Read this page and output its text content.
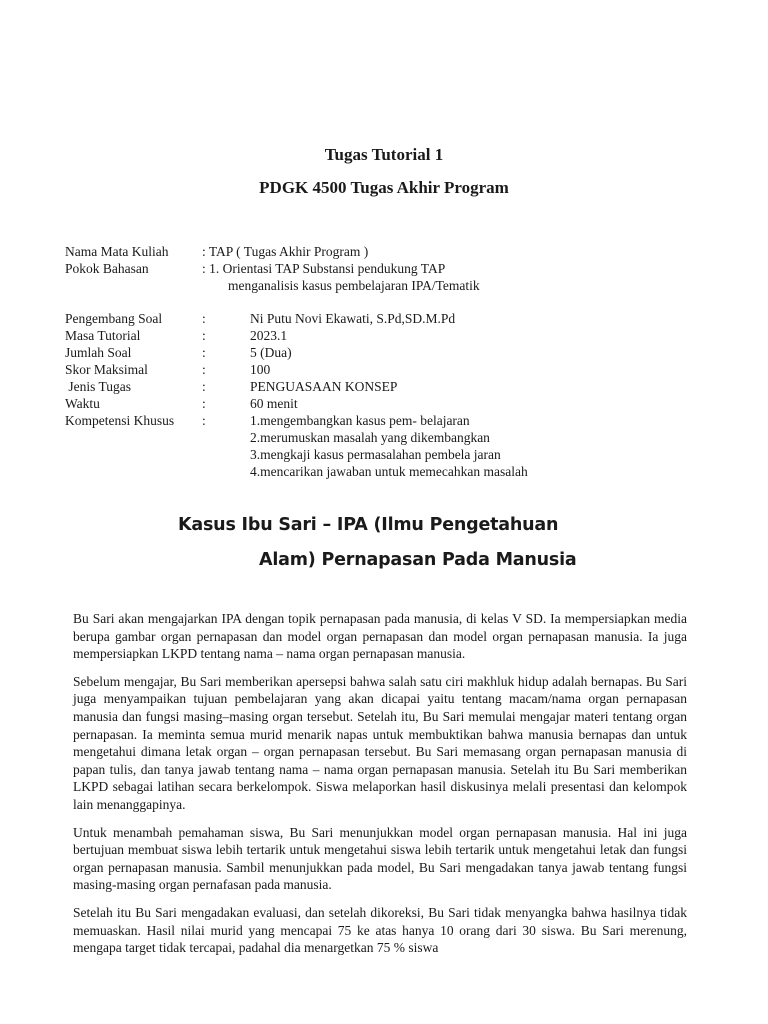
Tugas Tutorial 1
PDGK 4500 Tugas Akhir Program
Nama Mata Kuliah : TAP ( Tugas Akhir Program )
Pokok Bahasan	: 1. Orientasi TAP Substansi pendukung TAP
menganalisis kasus pembelajaran IPA/Tematik
Pengembang Soal	:	Ni Putu Novi Ekawati, S.Pd,SD.M.Pd
Masa Tutorial	:	2023.1
Jumlah Soal	:	5 (Dua)
Skor Maksimal	:	100
Jenis Tugas	:	PENGUASAAN KONSEP
Waktu	:	60 menit
Kompetensi Khusus :	1.mengembangkan kasus pem- belajaran
2.merumuskan masalah yang dikembangkan
3.mengkaji kasus permasalahan pembela jaran
4.mencarikan jawaban untuk memecahkan masalah
Kasus Ibu Sari – IPA (Ilmu Pengetahuan
Alam) Pernapasan Pada Manusia

Bu Sari akan mengajarkan IPA dengan topik pernapasan pada manusia, di kelas V SD. Ia mempersiapkan media berupa gambar organ pernapasan dan model organ pernapasan dan model organ pernapasan manusia. Ia juga mempersiapkan LKPD tentang nama – nama organ pernapasan manusia.

Sebelum mengajar, Bu Sari memberikan apersepsi bahwa salah satu ciri makhluk hidup adalah bernapas. Bu Sari juga menyampaikan tujuan pembelajaran yang akan dicapai yaitu tentang macam/nama organ pernapasan manusia dan fungsi masing–masing organ tersebut. Setelah itu, Bu Sari memulai mengajar materi tentang organ pernapasan. Ia meminta semua murid menarik napas untuk membuktikan bahwa manusia bernapas dan untuk mengetahui dimana letak organ – organ pernapasan tersebut. Bu Sari memasang organ pernapasan manusia di papan tulis, dan tanya jawab tentang nama – nama organ pernapasan manusia. Setelah itu Bu Sari memberikan LKPD sebagai latihan secara berkelompok. Siswa melaporkan hasil diskusinya melali presentasi dan kelompok lain menanggapinya.

Untuk menambah pemahaman siswa, Bu Sari menunjukkan model organ pernapasan manusia. Hal ini juga bertujuan membuat siswa lebih tertarik untuk mengetahui siswa lebih tertarik untuk mengetahui letak dan fungsi organ pernapasan manusia. Sambil menunjukkan pada model, Bu Sari mengadakan tanya jawab tentang fungsi masing-masing organ pernafasan pada manusia.

Setelah itu Bu Sari mengadakan evaluasi, dan setelah dikoreksi, Bu Sari tidak menyangka bahwa hasilnya tidak memuaskan. Hasil nilai murid yang mencapai 75 ke atas hanya 10 orang dari 30 siswa. Bu Sari merenung, mengapa target tidak tercapai, padahal dia menargetkan 75 % siswa
